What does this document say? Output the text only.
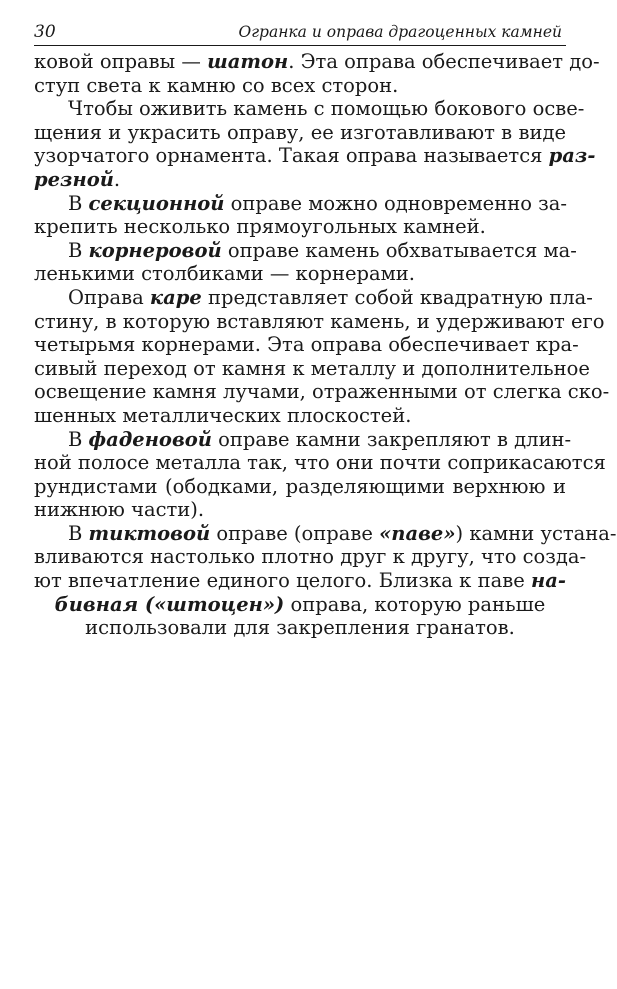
30	Огранка и оправа драгоценных камней
ковой оправы — шатон. Эта оправа обеспечивает до-
ступ света к камню со всех сторон.
Чтобы оживить камень с помощью бокового осве-
щения и украсить оправу, ее изготавливают в виде
узорчатого орнамента. Такая оправа называется раз-
резной.
В секционной оправе можно одновременно за-
крепить несколько прямоугольных камней.
В корнеровой оправе камень обхватывается ма-
ленькими столбиками — корнерами.
Оправа каре представляет собой квадратную пла-
стину, в которую вставляют камень, и удерживают его
четырьмя корнерами. Эта оправа обеспечивает кра-
сивый переход от камня к металлу и дополнительное
освещение камня лучами, отраженными от слегка ско-
шенных металлических плоскостей.
В фаденовой оправе камни закрепляют в длин-
ной полосе металла так, что они почти соприкасаются
рундистами (ободками, разделяющими верхнюю и
нижнюю части).
В тиктовой оправе (оправе «паве») камни устана-
вливаются настолько плотно друг к другу, что созда-
ют впечатление единого целого. Близка к паве на-
бивная («штоцен») оправа, которую раньше
использовали для закрепления гранатов.
